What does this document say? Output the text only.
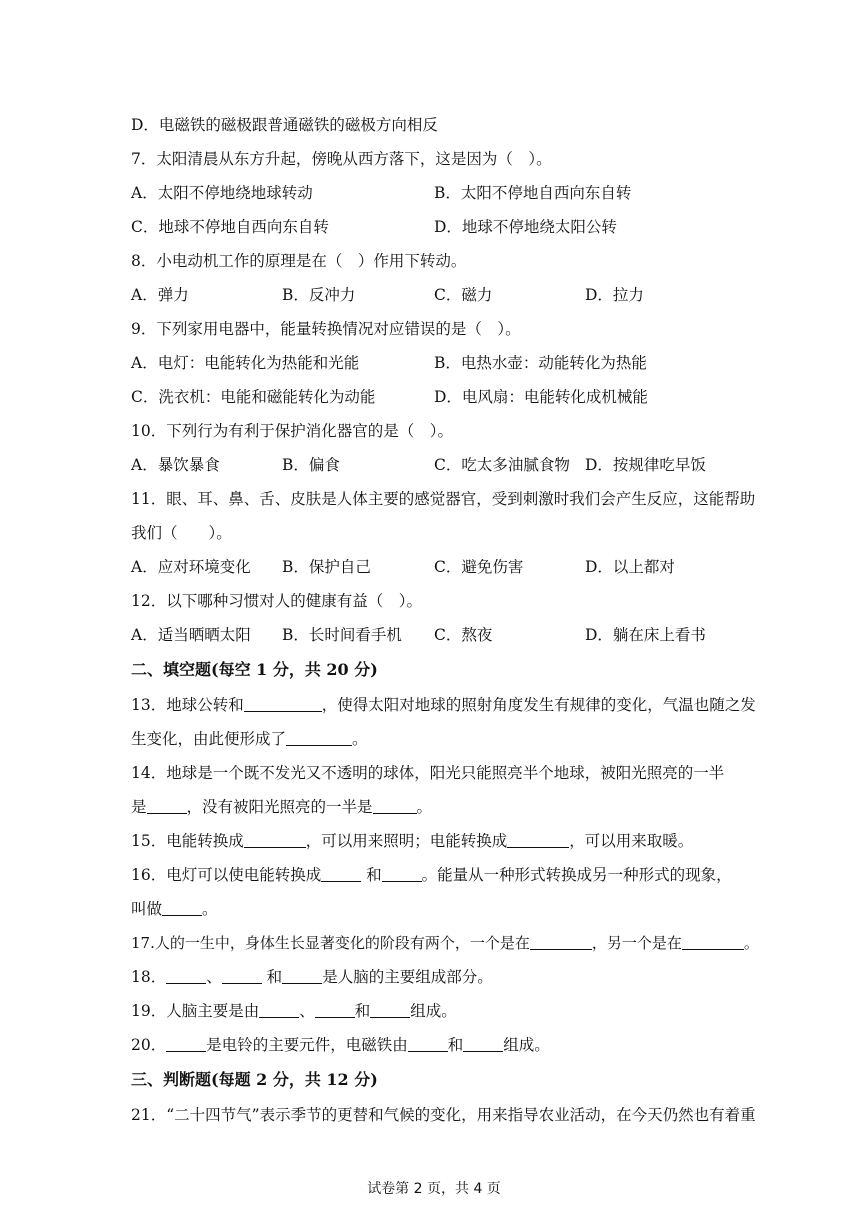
D．电磁铁的磁极跟普通磁铁的磁极方向相反
7．太阳清晨从东方升起，傍晚从西方落下，这是因为（　）。
A．太阳不停地绕地球转动	B．太阳不停地自西向东自转
C．地球不停地自西向东自转	D．地球不停地绕太阳公转
8．小电动机工作的原理是在（　）作用下转动。
A．弹力	B．反冲力	C．磁力	D．拉力
9．下列家用电器中，能量转换情况对应错误的是（　）。
A．电灯：电能转化为热能和光能	B．电热水壶：动能转化为热能
C．洗衣机：电能和磁能转化为动能	D．电风扇：电能转化成机械能
10．下列行为有利于保护消化器官的是（　）。
A．暴饮暴食	B．偏食	C．吃太多油腻食物 D．按规律吃早饭
11．眼、耳、鼻、舌、皮肤是人体主要的感觉器官，受到刺激时我们会产生反应，这能帮助
我们（　　）。
A．应对环境变化 B．保护自己	C．避免伤害	D．以上都对
12．以下哪种习惯对人的健康有益（　）。
A．适当晒晒太阳 B．长时间看手机 C．熬夜	D．躺在床上看书
二、填空题(每空 1 分，共 20 分)
13．地球公转和	，使得太阳对地球的照射角度发生有规律的变化，气温也随之发
生变化，由此便形成了	。
14．地球是一个既不发光又不透明的球体，阳光只能照亮半个地球，被阳光照亮的一半
是	，没有被阳光照亮的一半是	。
15．电能转换成	，可以用来照明；电能转换成	，可以用来取暖。
16．电灯可以使电能转换成	和	。能量从一种形式转换成另一种形式的现象，
叫做	。
17.人的一生中，身体生长显著变化的阶段有两个，一个是在	，另一个是在	。
18．	、	和	是人脑的主要组成部分。
19．人脑主要是由	、	和	组成。
20．	是电铃的主要元件，电磁铁由	和	组成。
三、判断题(每题 2 分，共 12 分)
21．“二十四节气”表示季节的更替和气候的变化，用来指导农业活动，在今天仍然也有着重
试卷第 2 页，共 4 页
